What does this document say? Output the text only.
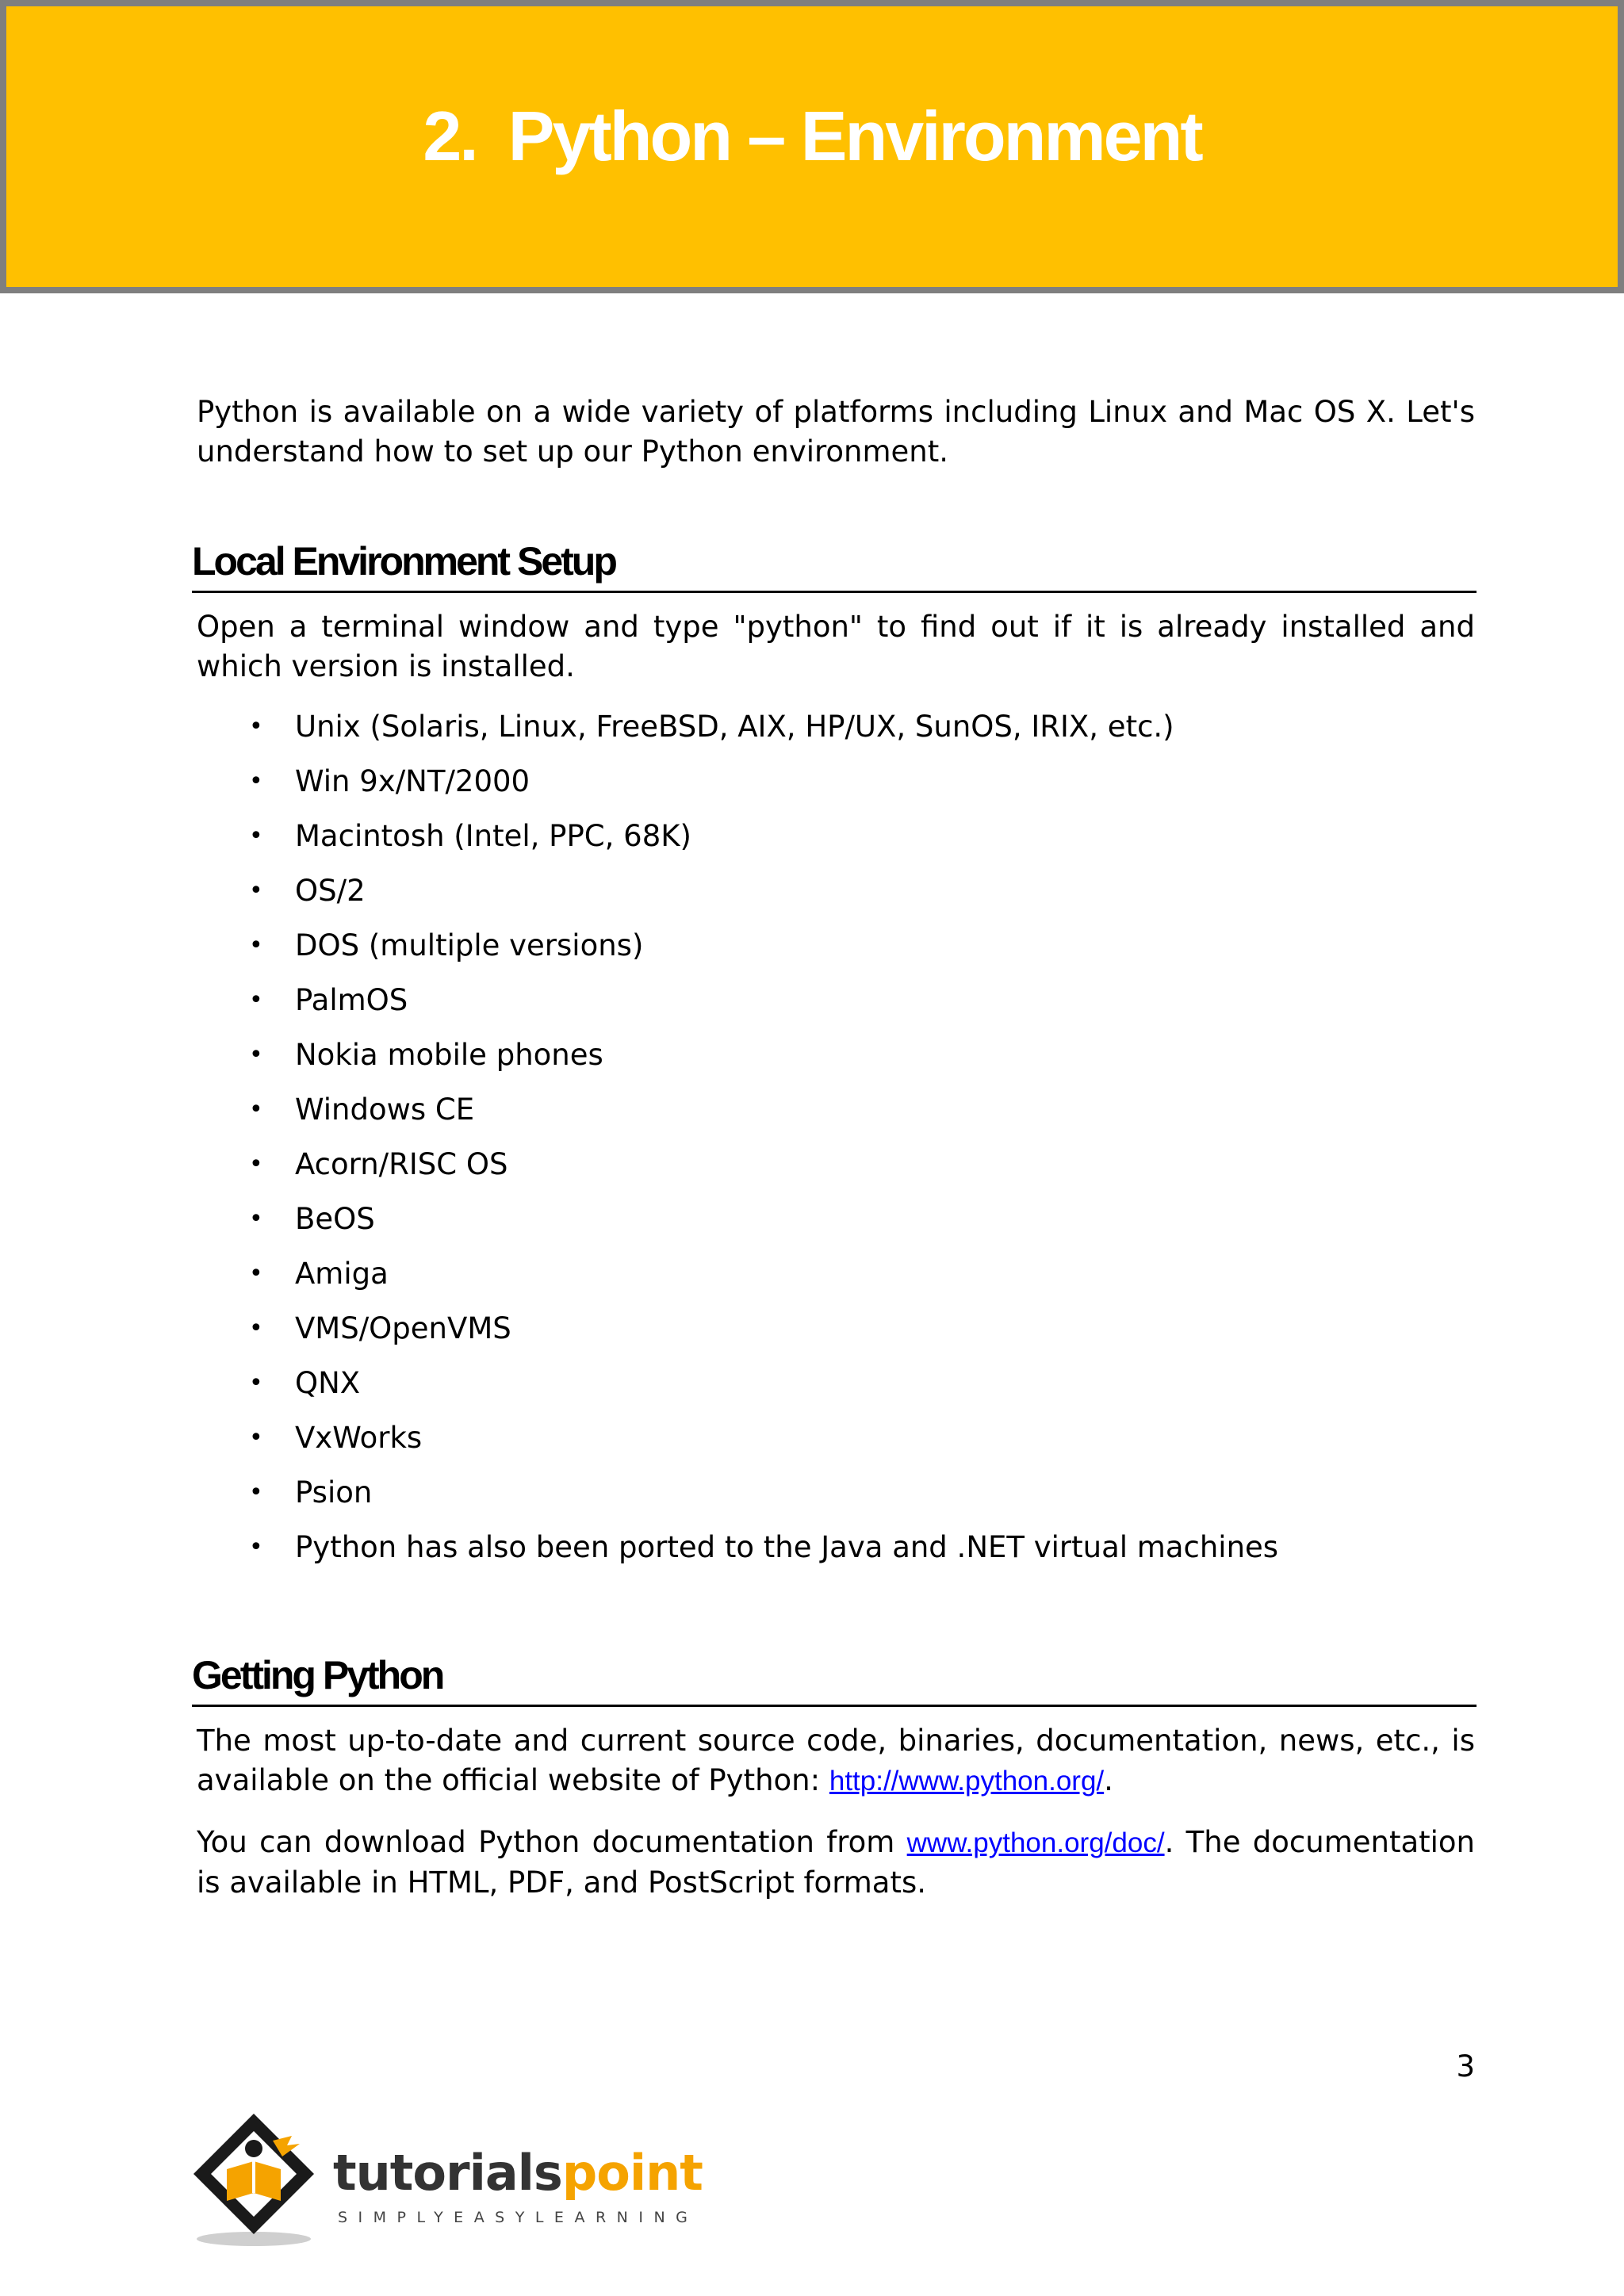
2. Python – Environment

Python is available on a wide variety of platforms including Linux and Mac OS X. Let's understand how to set up our Python environment.

Local Environment Setup

Open a terminal window and type "python" to find out if it is already installed and which version is installed.

• Unix (Solaris, Linux, FreeBSD, AIX, HP/UX, SunOS, IRIX, etc.)
• Win 9x/NT/2000
• Macintosh (Intel, PPC, 68K)
• OS/2
• DOS (multiple versions)
• PalmOS
• Nokia mobile phones
• Windows CE
• Acorn/RISC OS
• BeOS
• Amiga
• VMS/OpenVMS
• QNX
• VxWorks
• Psion
• Python has also been ported to the Java and .NET virtual machines
Getting Python

The most up-to-date and current source code, binaries, documentation, news, etc., is available on the official website of Python: http://www.python.org/.

You can download Python documentation from www.python.org/doc/. The documentation is available in HTML, PDF, and PostScript formats.

3
tutorialspoint
SIMPLYEASYLEARNING
